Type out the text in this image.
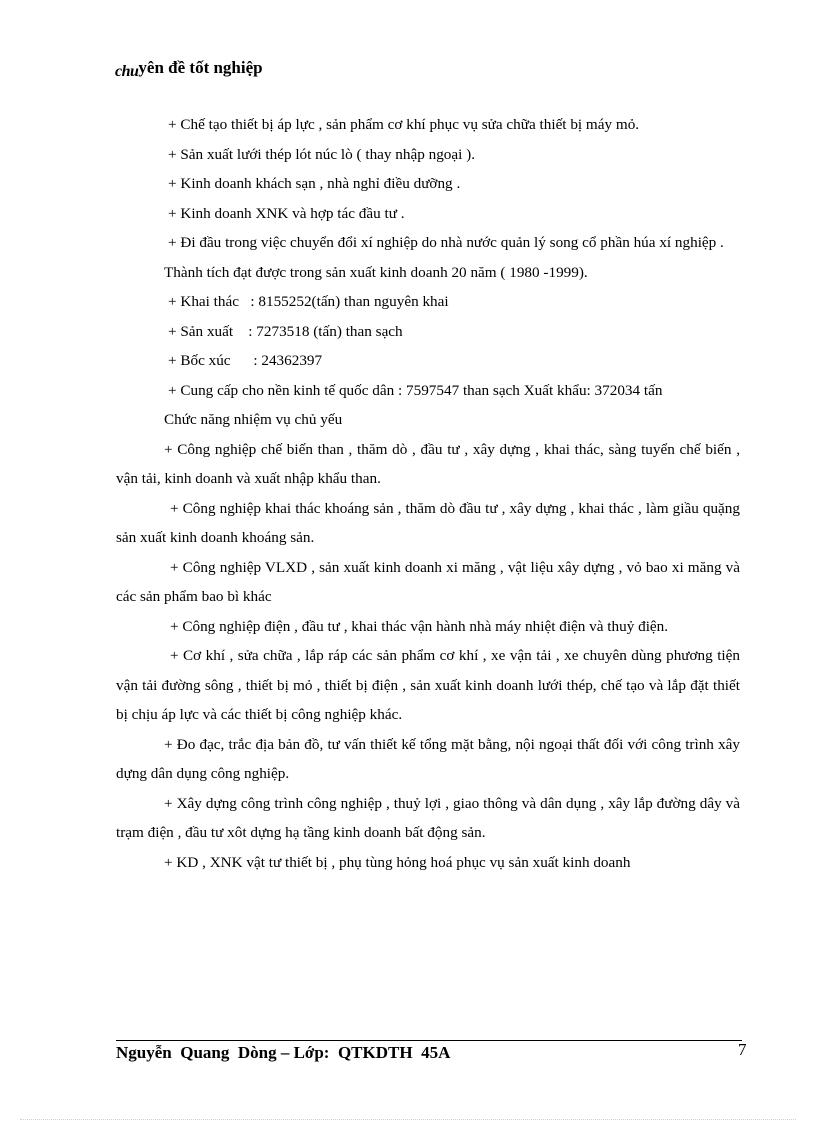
chuyên đề tốt nghiệp

+ Chế tạo thiết bị áp lực , sản phẩm cơ khí phục vụ sửa chữa thiết bị máy mỏ.

+ Sản xuất lưới thép lót núc lò ( thay nhập ngoại ).

+ Kinh doanh khách sạn , nhà nghỉ điều dưỡng .

+ Kinh doanh XNK và hợp tác đầu tư .

+ Đi đầu trong việc chuyển đổi xí nghiệp do nhà nước quản lý song cổ phần húa xí nghiệp .

Thành tích đạt được trong sản xuất kinh doanh 20 năm ( 1980 -1999).

+ Khai thác   : 8155252(tấn) than nguyên khai

+ Sản xuất    : 7273518 (tấn) than sạch

+ Bốc xúc      : 24362397

+ Cung cấp cho nền kinh tế quốc dân : 7597547 than sạch Xuất khẩu: 372034 tấn

Chức năng nhiệm vụ chủ yếu

+ Công nghiệp chế biến than , thăm dò , đầu tư , xây dựng , khai thác, sàng tuyển chế biến , vận tải, kinh doanh và xuất nhập khẩu than.

+ Công nghiệp khai thác khoáng sản , thăm dò đầu tư , xây dựng , khai thác , làm giầu quặng sản xuất kinh doanh khoáng sản.

+ Công nghiệp VLXD , sản xuất kinh doanh xi măng , vật liệu xây dựng , vỏ bao xi măng và các sản phẩm bao bì khác

+ Công nghiệp điện , đầu tư , khai thác vận hành nhà máy nhiệt điện và thuỷ điện.

+ Cơ khí , sửa chữa , lắp ráp các sản phẩm cơ khí , xe vận tải , xe chuyên dùng phương tiện vận tải đường sông , thiết bị mỏ , thiết bị điện , sản xuất kinh doanh lưới thép, chế tạo và lắp đặt thiết bị chịu áp lực và các thiết bị công nghiệp khác.

+ Đo đạc, trắc địa bản đồ, tư vấn thiết kế tổng mặt bằng, nội ngoại thất đối với công trình xây dựng dân dụng công nghiệp.

+ Xây dựng công trình công nghiệp , thuỷ lợi , giao thông và dân dụng , xây lắp đường dây và trạm điện , đầu tư xôt dựng hạ tầng kinh doanh bất động sản.

+ KD , XNK vật tư thiết bị , phụ tùng hỏng hoá phục vụ sản xuất kinh doanh

Nguyễn  Quang  Dòng – Lớp:  QTKDTH  45A	7
